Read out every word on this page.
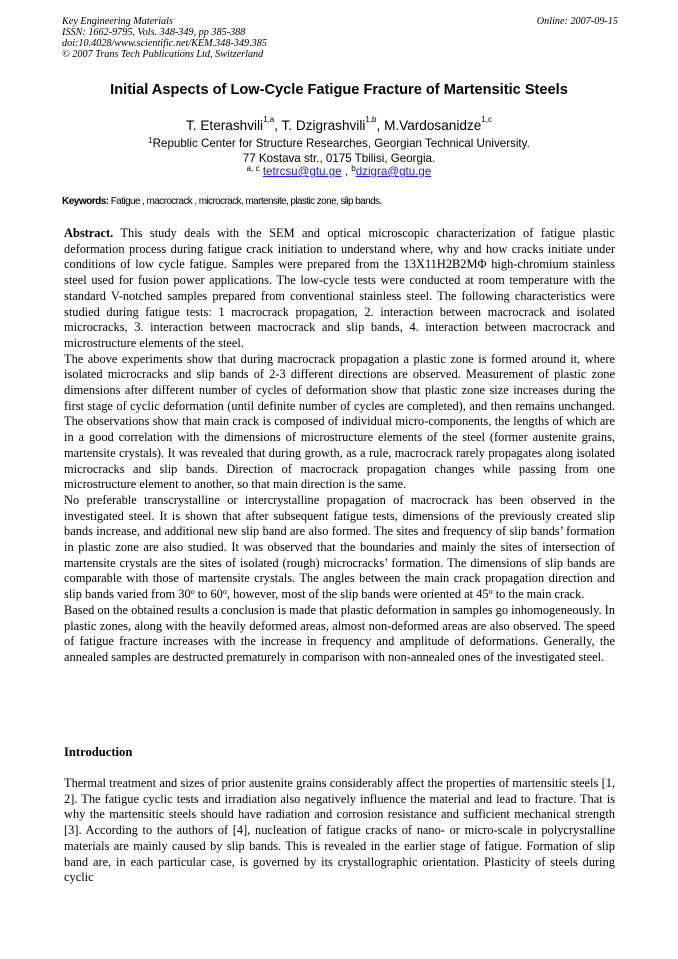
Key Engineering Materials
ISSN: 1662-9795, Vols. 348-349, pp 385-388
doi:10.4028/www.scientific.net/KEM.348-349.385
© 2007 Trans Tech Publications Ltd, Switzerland
Online: 2007-09-15
Initial Aspects of Low-Cycle Fatigue Fracture of Martensitic Steels
T. Eterashvili$^{1,a}$, T. Dzigrashvili$^{1,b}$, M.Vardosanidze$^{1,c}$
$^1$Republic Center for Structure Researches, Georgian Technical University.
77 Kostava str., 0175 Tbilisi, Georgia.
$^{a, c}$ tetrcsu@gtu.ge , $^b$dzigra@gtu.ge
Keywords: Fatigue , macrocrack , microcrack, martensite, plastic zone, slip bands.

Abstract. This study deals with the SEM and optical microscopic characterization of fatigue plastic deformation process during fatigue crack initiation to understand where, why and how cracks initiate under conditions of low cycle fatigue. Samples were prepared from the 13X11H2B2MΦ high-chromium stainless steel used for fusion power applications. The low-cycle tests were conducted at room temperature with the standard V-notched samples prepared from conventional stainless steel. The following characteristics were studied during fatigue tests: 1 macrocrack propagation, 2. interaction between macrocrack and isolated microcracks, 3. interaction between macrocrack and slip bands, 4. interaction between macrocrack and microstructure elements of the steel.

The above experiments show that during macrocrack propagation a plastic zone is formed around it, where isolated microcracks and slip bands of 2-3 different directions are observed. Measurement of plastic zone dimensions after different number of cycles of deformation show that plastic zone size increases during the first stage of cyclic deformation (until definite number of cycles are completed), and then remains unchanged. The observations show that main crack is composed of individual micro-components, the lengths of which are in a good correlation with the dimensions of microstructure elements of the steel (former austenite grains, martensite crystals). It was revealed that during growth, as a rule, macrocrack rarely propagates along isolated microcracks and slip bands. Direction of macrocrack propagation changes while passing from one microstructure element to another, so that main direction is the same.

No preferable transcrystalline or intercrystalline propagation of macrocrack has been observed in the investigated steel. It is shown that after subsequent fatigue tests, dimensions of the previously created slip bands increase, and additional new slip band are also formed. The sites and frequency of slip bands’ formation in plastic zone are also studied. It was observed that the boundaries and mainly the sites of intersection of martensite crystals are the sites of isolated (rough) microcracks’ formation. The dimensions of slip bands are comparable with those of martensite crystals. The angles between the main crack propagation direction and slip bands varied from 30$^o$ to 60$^o$, however, most of the slip bands were oriented at 45$^o$ to the main crack.

Based on the obtained results a conclusion is made that plastic deformation in samples go inhomogeneously. In plastic zones, along with the heavily deformed areas, almost non-deformed areas are also observed. The speed of fatigue fracture increases with the increase in frequency and amplitude of deformations. Generally, the annealed samples are destructed prematurely in comparison with non-annealed ones of the investigated steel.

Introduction

Thermal treatment and sizes of prior austenite grains considerably affect the properties of martensitic steels [1, 2]. The fatigue cyclic tests and irradiation also negatively influence the material and lead to fracture. That is why the martensitic steels should have radiation and corrosion resistance and sufficient mechanical strength [3]. According to the authors of [4], nucleation of fatigue cracks of nano- or micro-scale in polycrystalline materials are mainly caused by slip bands. This is revealed in the earlier stage of fatigue. Formation of slip band are, in each particular case, is governed by its crystallographic orientation. Plasticity of steels during cyclic
